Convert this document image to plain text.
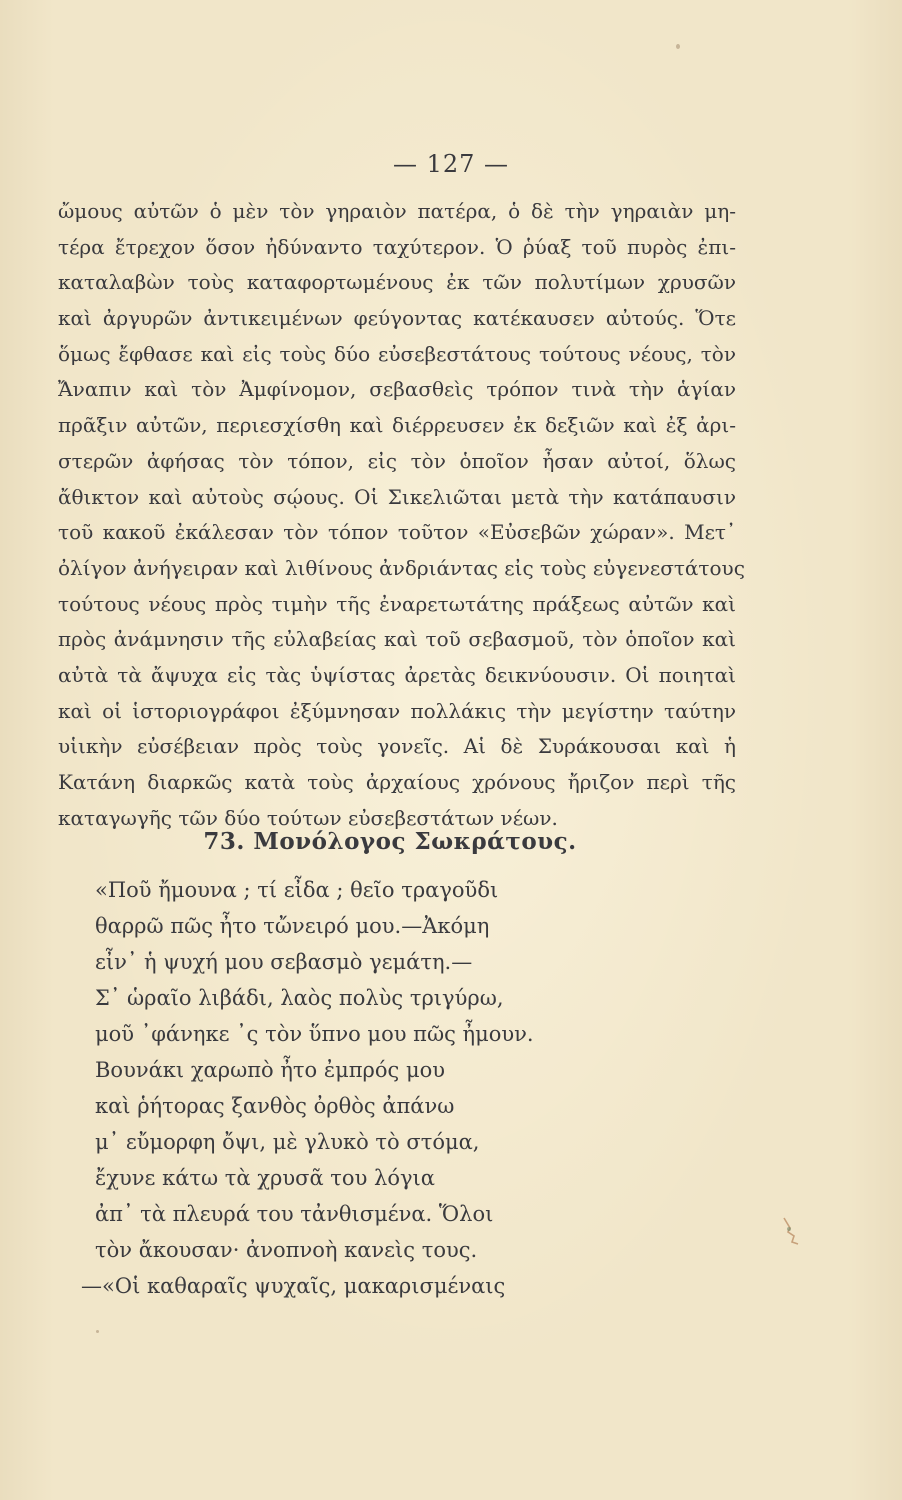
— 127 —
ὤμους αὐτῶν ὁ μὲν τὸν γηραιὸν πατέρα, ὁ δὲ τὴν γηραιὰν μη-
τέρα ἔτρεχον ὅσον ἠδύναντο ταχύτερον. Ὁ ῥύαξ τοῦ πυρὸς ἐπι-
καταλαβὼν τοὺς καταφορτωμένους ἐκ τῶν πολυτίμων χρυσῶν
καὶ ἀργυρῶν ἀντικειμένων φεύγοντας κατέκαυσεν αὐτούς. Ὅτε
ὅμως ἔφθασε καὶ εἰς τοὺς δύο εὐσεβεστάτους τούτους νέους, τὸν
Ἄναπιν καὶ τὸν Ἀμφίνομον, σεβασθεὶς τρόπον τινὰ τὴν ἁγίαν
πρᾶξιν αὐτῶν, περιεσχίσθη καὶ διέρρευσεν ἐκ δεξιῶν καὶ ἐξ ἀρι-
στερῶν ἀφήσας τὸν τόπον, εἰς τὸν ὁποῖον ἦσαν αὐτοί, ὅλως
ἄθικτον καὶ αὐτοὺς σῴους. Οἱ Σικελιῶται μετὰ τὴν κατάπαυσιν
τοῦ κακοῦ ἐκάλεσαν τὸν τόπον τοῦτον «Εὐσεβῶν χώραν». Μετ᾽
ὀλίγον ἀνήγειραν καὶ λιθίνους ἀνδριάντας εἰς τοὺς εὐγενεστάτους
τούτους νέους πρὸς τιμὴν τῆς ἐναρετωτάτης πράξεως αὐτῶν καὶ
πρὸς ἀνάμνησιν τῆς εὐλαβείας καὶ τοῦ σεβασμοῦ, τὸν ὁποῖον καὶ
αὐτὰ τὰ ἄψυχα εἰς τὰς ὑψίστας ἀρετὰς δεικνύουσιν. Οἱ ποιηταὶ
καὶ οἱ ἱστοριογράφοι ἐξύμνησαν πολλάκις τὴν μεγίστην ταύτην
υἱικὴν εὐσέβειαν πρὸς τοὺς γονεῖς. Αἱ δὲ Συράκουσαι καὶ ἡ
Κατάνη διαρκῶς κατὰ τοὺς ἀρχαίους χρόνους ἤριζον περὶ τῆς
καταγωγῆς τῶν δύο τούτων εὐσεβεστάτων νέων.
73. Μονόλογος Σωκράτους.
«Ποῦ ἤμουνα ; τί εἶδα ; θεῖο τραγοῦδι
θαρρῶ πῶς ἦτο τὤνειρό μου.—Ἀκόμη
εἶν᾽ ἡ ψυχή μου σεβασμὸ γεμάτη.—
Σ᾽ ὡραῖο λιβάδι, λαὸς πολὺς τριγύρω,
μοῦ ᾽φάνηκε ᾽ς τὸν ὕπνο μου πῶς ἦμουν.
Βουνάκι χαρωπὸ ἦτο ἐμπρός μου
καὶ ῥήτορας ξανθὸς ὀρθὸς ἀπάνω
μ᾽ εὔμορφη ὄψι, μὲ γλυκὸ τὸ στόμα,
ἔχυνε κάτω τὰ χρυσᾶ του λόγια
ἀπ᾽ τὰ πλευρά του τἀνθισμένα. Ὅλοι
τὸν ἄκουσαν· ἀνοπνοὴ κανεὶς τους.
—«Οἱ καθαραῖς ψυχαῖς, μακαρισμέναις
